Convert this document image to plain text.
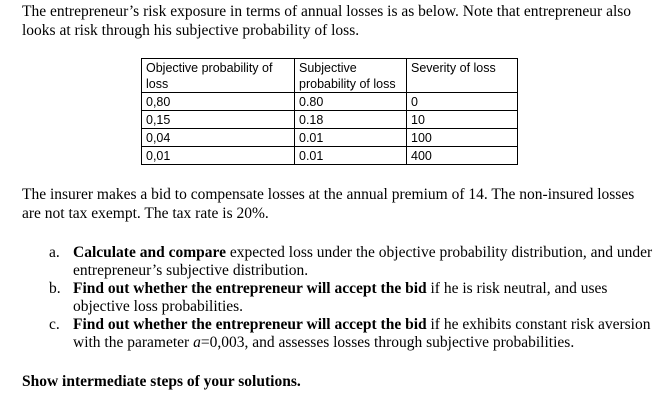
The entrepreneur’s risk exposure in terms of annual losses is as below. Note that entrepreneur also looks at risk through his subjective probability of loss.
Objective probability of loss	Subjective probability of loss	Severity of loss
0,80	0.80	0
0,15	0.18	10
0,04	0.01	100
0,01	0.01	400
The insurer makes a bid to compensate losses at the annual premium of 14. The non-insured losses are not tax exempt. The tax rate is 20%.
a. Calculate and compare expected loss under the objective probability distribution, and under entrepreneur’s subjective distribution.
b. Find out whether the entrepreneur will accept the bid if he is risk neutral, and uses objective loss probabilities.
c. Find out whether the entrepreneur will accept the bid if he exhibits constant risk aversion with the parameter a=0,003, and assesses losses through subjective probabilities.
Show intermediate steps of your solutions.
